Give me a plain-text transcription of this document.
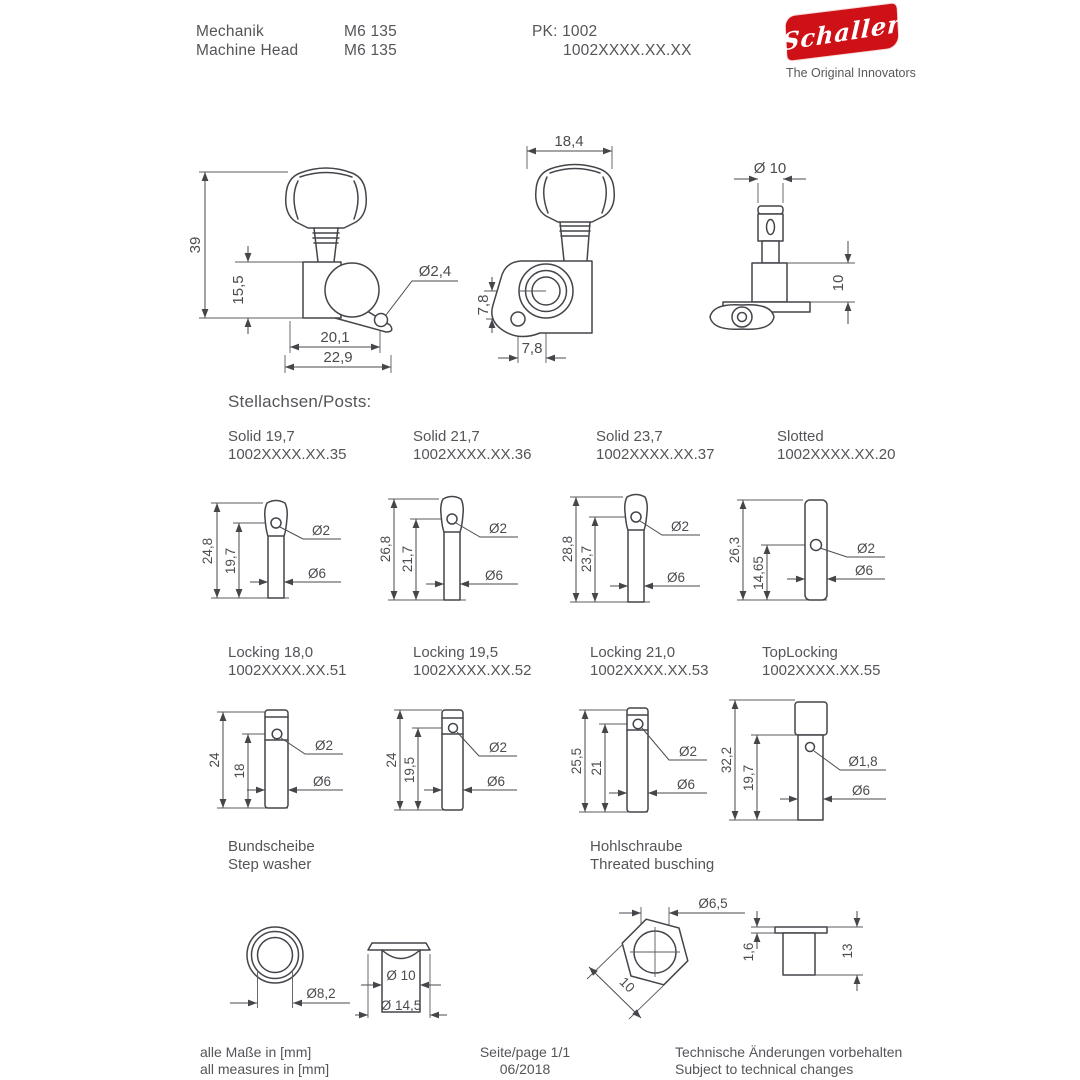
Mechanik
Machine Head
M6 135
M6 135
PK: 1002
1002XXXX.XX.XX	Schaller
The Original Innovators
39
15,5
20,1
22,9
Ø2,4
18,4
7,8
7,8
Ø 10
10
Stellachsen/Posts:
Solid 19,7
1002XXXX.XX.35
Solid 21,7
1002XXXX.XX.36
Solid 23,7
1002XXXX.XX.37
Slotted
1002XXXX.XX.20
24,8 19,7
Ø2
Ø6
26,8 21,7
Ø2
Ø6
28,8 23,7
Ø2
Ø6
26,3
14,65
Ø2
Ø6
Locking 18,0
1002XXXX.XX.51
Locking 19,5
1002XXXX.XX.52
Locking 21,0
1002XXXX.XX.53
TopLocking
1002XXXX.XX.55
24
18
Ø2
Ø6
24 19,5
Ø2
Ø6
25,5 21
Ø2
Ø6
32,2
19,7
Ø1,8
Ø6
Bundscheibe
Step washer
Hohlschraube
Threated busching
Ø8,2
Ø 10
Ø 14,5
Ø6,5
10
1,6	13
alle Maße in [mm]
all measures in [mm]
Seite/page 1/1
06/2018
Technische Änderungen vorbehalten
Subject to technical changes
